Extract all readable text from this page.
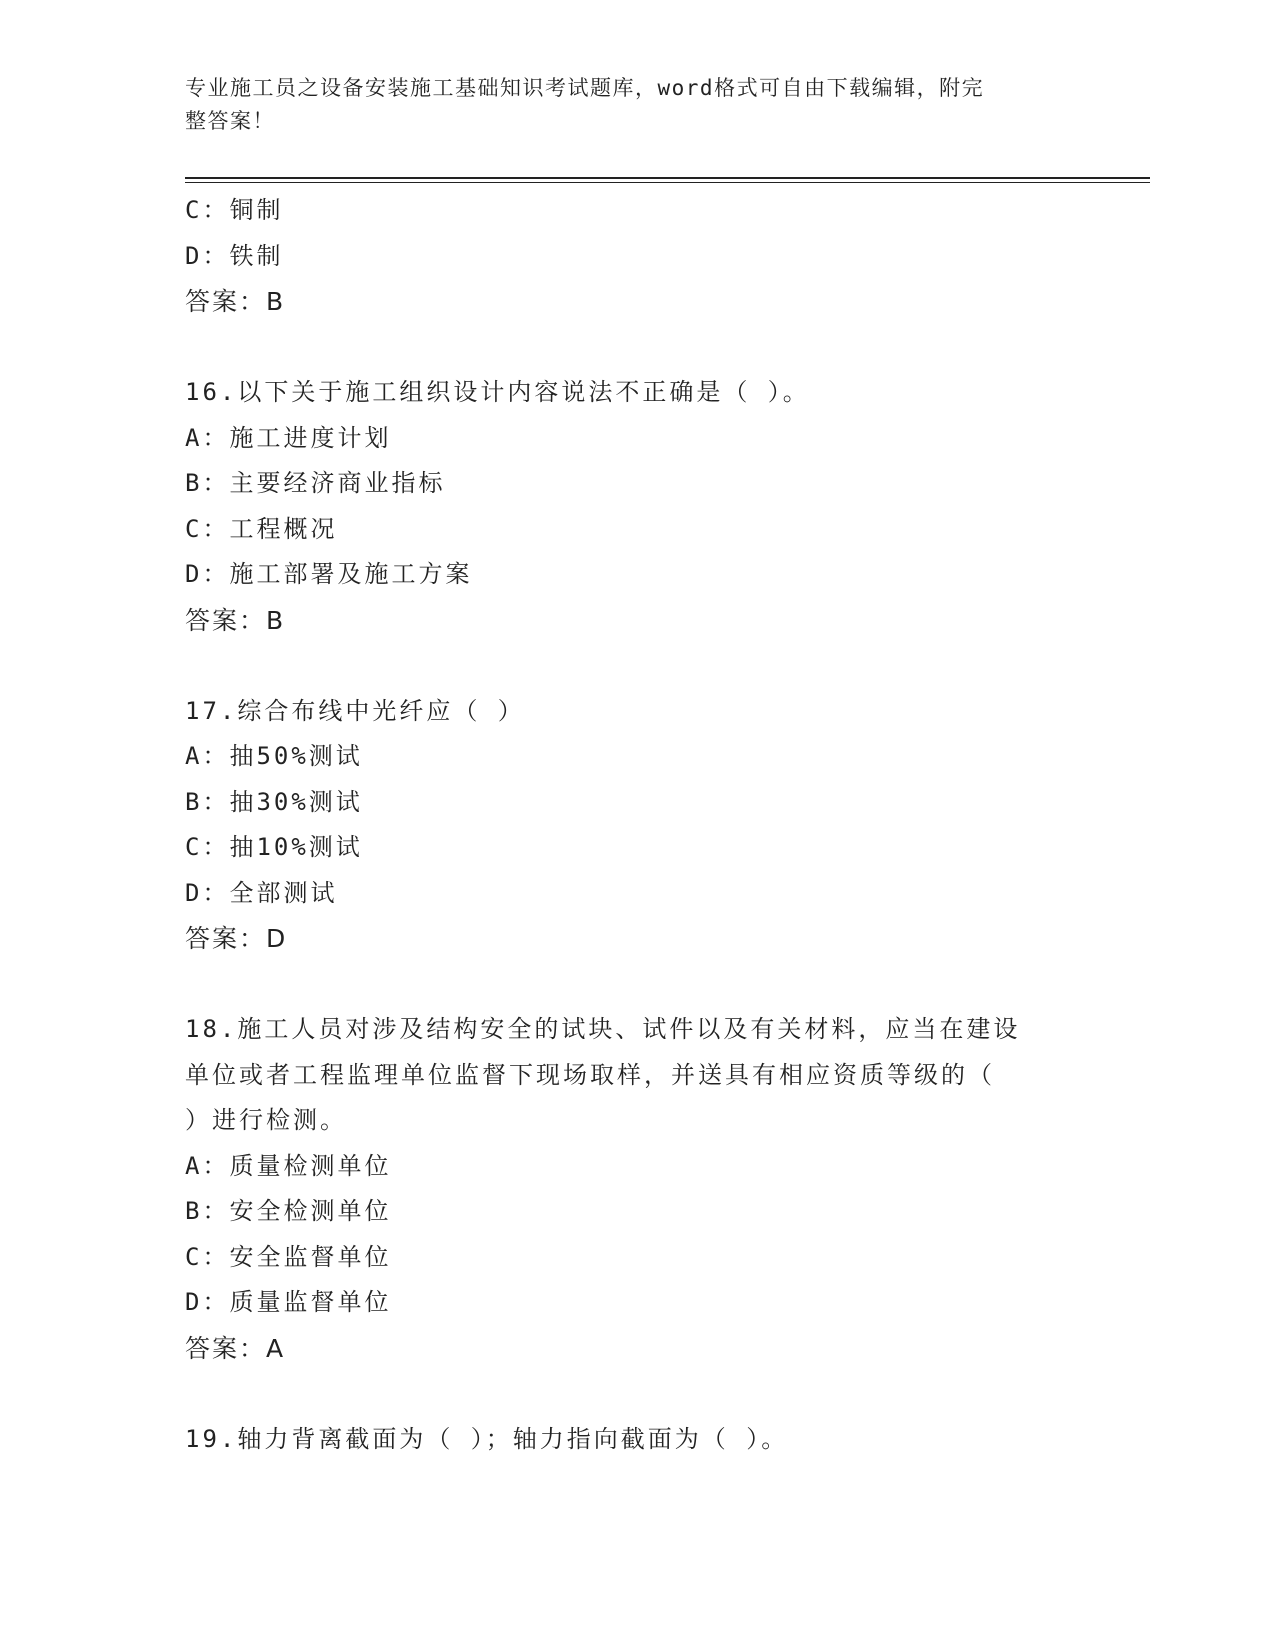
专业施工员之设备安装施工基础知识考试题库，word格式可自由下载编辑，附完
整答案！
C：铜制
D：铁制
答案：B
16.以下关于施工组织设计内容说法不正确是（ ）。
A：施工进度计划
B：主要经济商业指标
C：工程概况
D：施工部署及施工方案
答案：B
17.综合布线中光纤应（ ）
A：抽50%测试
B：抽30%测试
C：抽10%测试
D：全部测试
答案：D
18.施工人员对涉及结构安全的试块、试件以及有关材料，应当在建设
单位或者工程监理单位监督下现场取样，并送具有相应资质等级的（
）进行检测。
A：质量检测单位
B：安全检测单位
C：安全监督单位
D：质量监督单位
答案：A
19.轴力背离截面为（ ）；轴力指向截面为（ ）。
